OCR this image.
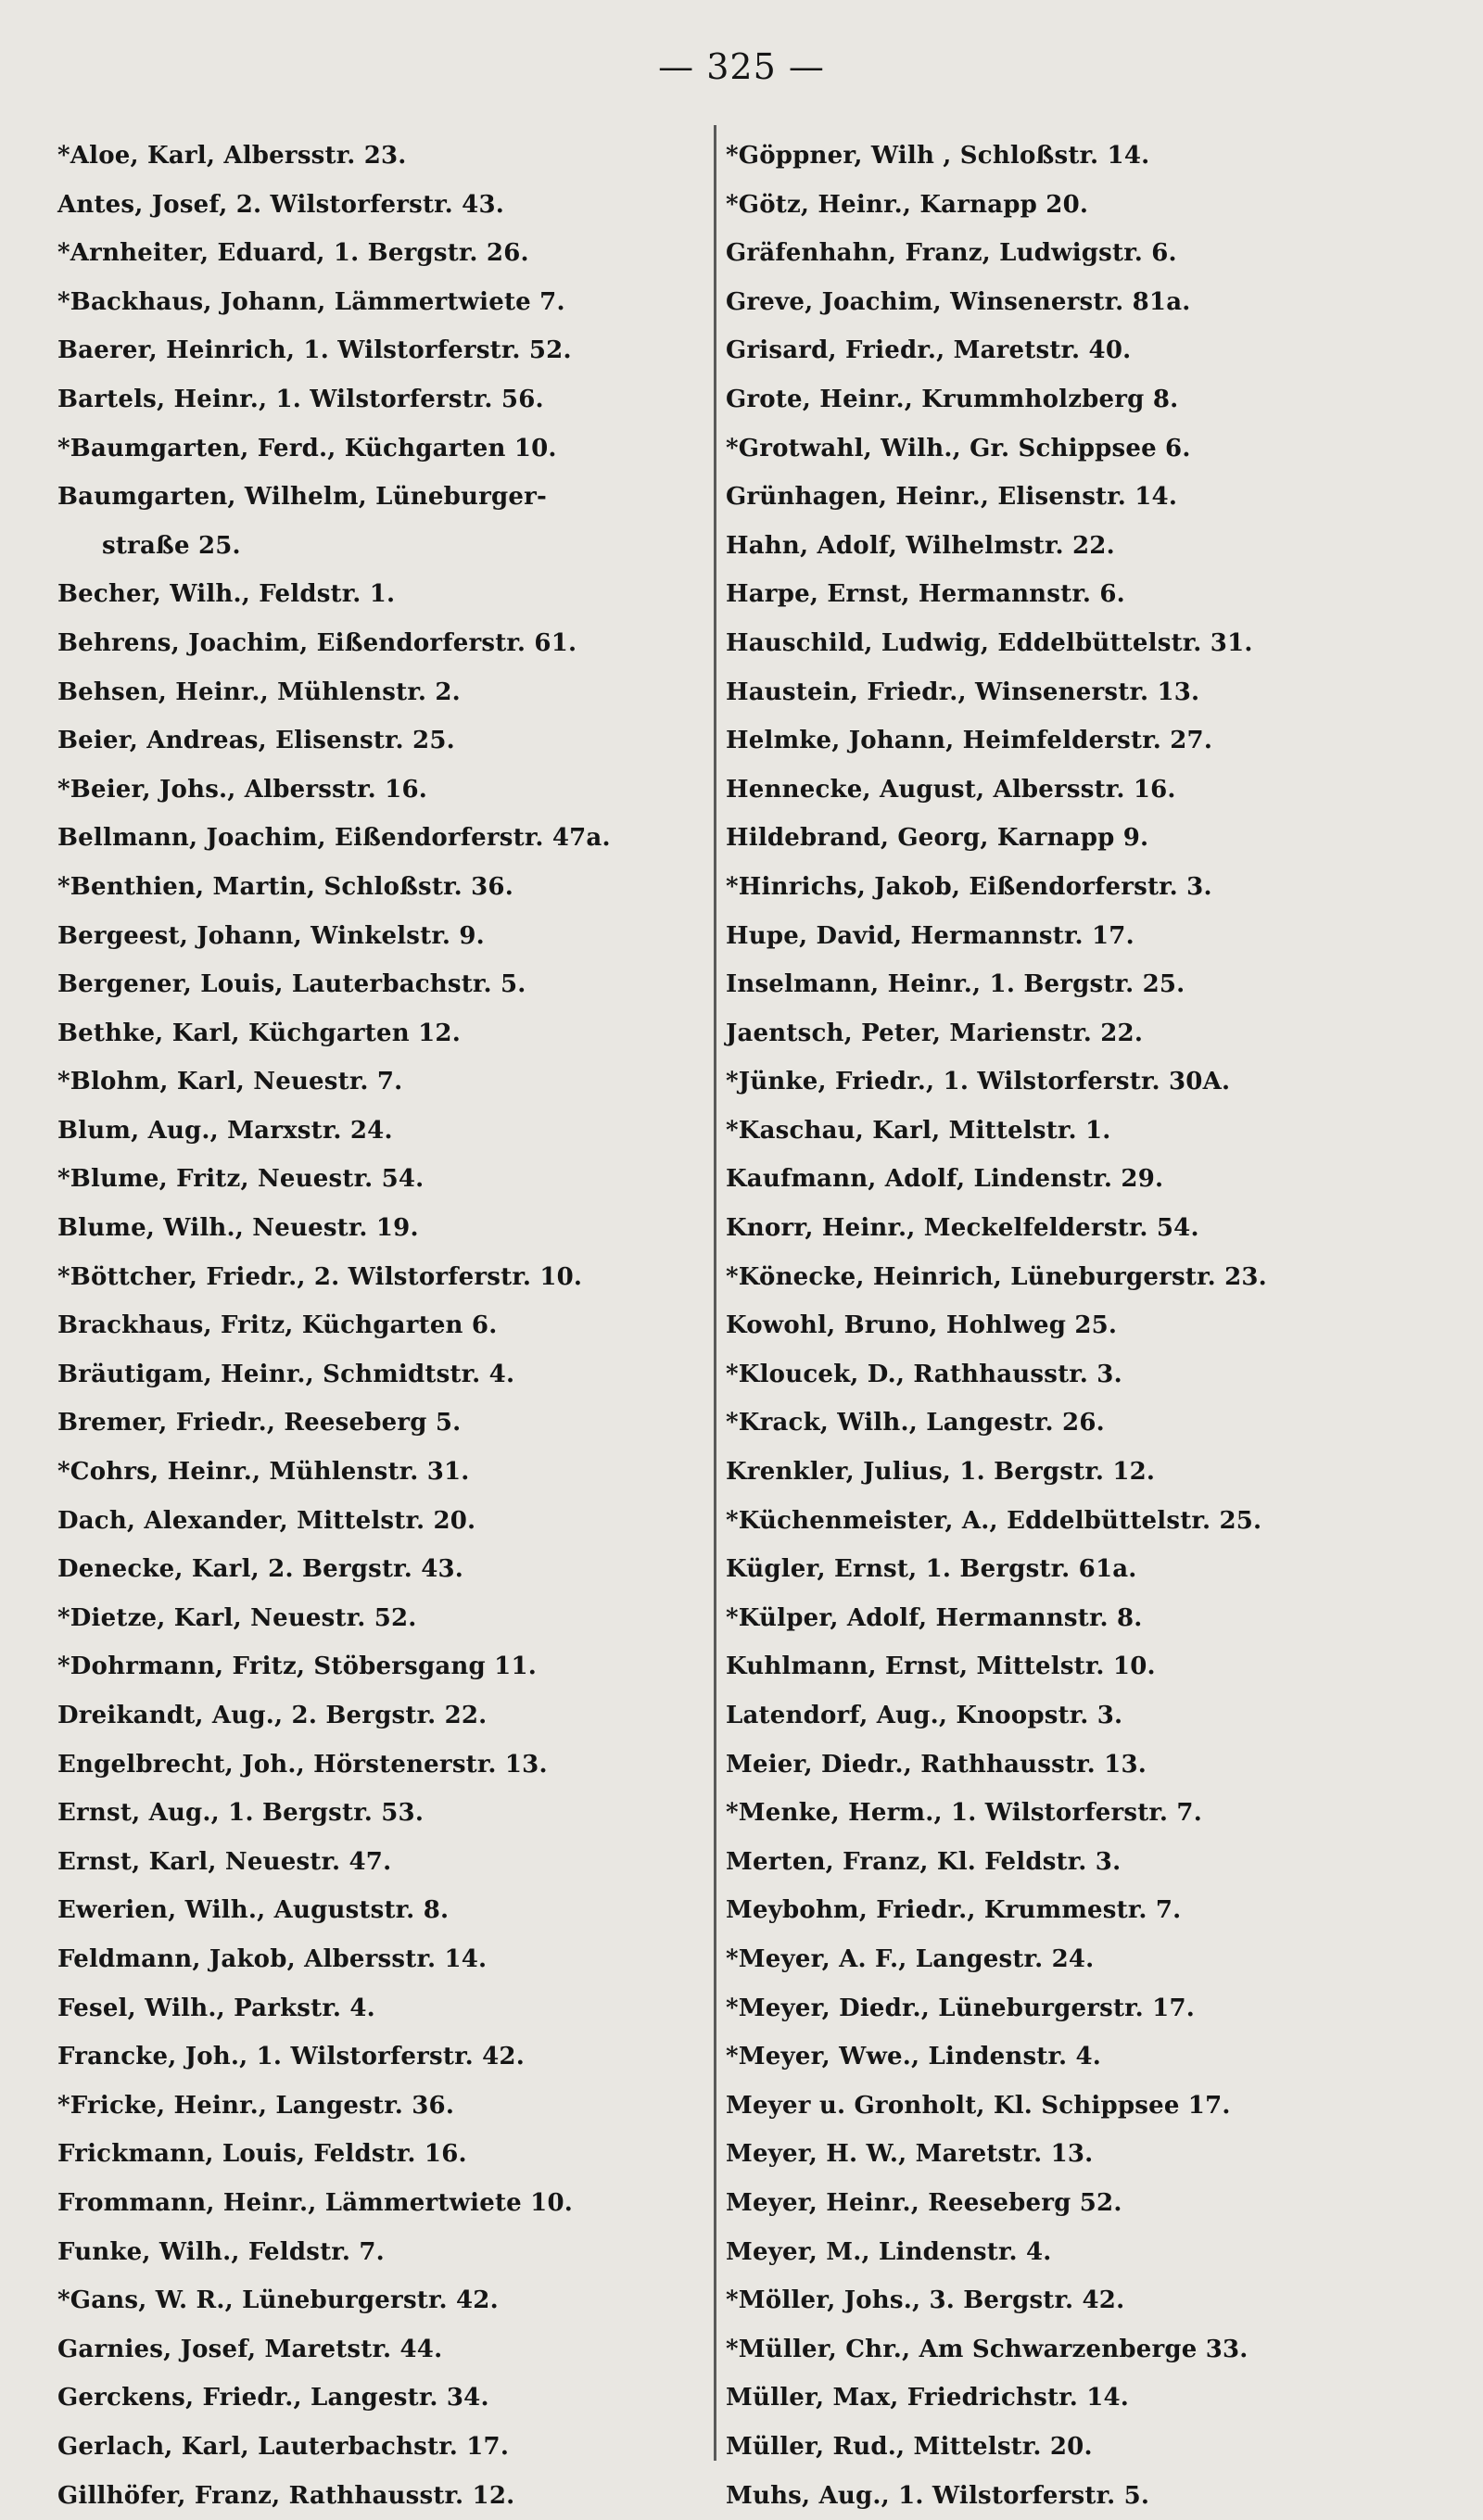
— 325 —
*Aloe, Karl, Albersstr. 23.
Antes, Josef, 2. Wilstorferstr. 43.
*Arnheiter, Eduard, 1. Bergstr. 26.
*Backhaus, Johann, Lämmertwiete 7.
Baerer, Heinrich, 1. Wilstorferstr. 52.
Bartels, Heinr., 1. Wilstorferstr. 56.
*Baumgarten, Ferd., Küchgarten 10.
Baumgarten, Wilhelm, Lüneburger-
straße 25.
Becher, Wilh., Feldstr. 1.
Behrens, Joachim, Eißendorferstr. 61.
Behsen, Heinr., Mühlenstr. 2.
Beier, Andreas, Elisenstr. 25.
*Beier, Johs., Albersstr. 16.
Bellmann, Joachim, Eißendorferstr. 47a.
*Benthien, Martin, Schloßstr. 36.
Bergeest, Johann, Winkelstr. 9.
Bergener, Louis, Lauterbachstr. 5.
Bethke, Karl, Küchgarten 12.
*Blohm, Karl, Neuestr. 7.
Blum, Aug., Marxstr. 24.
*Blume, Fritz, Neuestr. 54.
Blume, Wilh., Neuestr. 19.
*Böttcher, Friedr., 2. Wilstorferstr. 10.
Brackhaus, Fritz, Küchgarten 6.
Bräutigam, Heinr., Schmidtstr. 4.
Bremer, Friedr., Reeseberg 5.
*Cohrs, Heinr., Mühlenstr. 31.
Dach, Alexander, Mittelstr. 20.
Denecke, Karl, 2. Bergstr. 43.
*Dietze, Karl, Neuestr. 52.
*Dohrmann, Fritz, Stöbersgang 11.
Dreikandt, Aug., 2. Bergstr. 22.
Engelbrecht, Joh., Hörstenerstr. 13.
Ernst, Aug., 1. Bergstr. 53.
Ernst, Karl, Neuestr. 47.
Ewerien, Wilh., Auguststr. 8.
Feldmann, Jakob, Albersstr. 14.
Fesel, Wilh., Parkstr. 4.
Francke, Joh., 1. Wilstorferstr. 42.
*Fricke, Heinr., Langestr. 36.
Frickmann, Louis, Feldstr. 16.
Frommann, Heinr., Lämmertwiete 10.
Funke, Wilh., Feldstr. 7.
*Gans, W. R., Lüneburgerstr. 42.
Garnies, Josef, Maretstr. 44.
Gerckens, Friedr., Langestr. 34.
Gerlach, Karl, Lauterbachstr. 17.
Gillhöfer, Franz, Rathhausstr. 12.
*Göppner, Wilh , Schloßstr. 14.
*Götz, Heinr., Karnapp 20.
Gräfenhahn, Franz, Ludwigstr. 6.
Greve, Joachim, Winsenerstr. 81a.
Grisard, Friedr., Maretstr. 40.
Grote, Heinr., Krummholzberg 8.
*Grotwahl, Wilh., Gr. Schippsee 6.
Grünhagen, Heinr., Elisenstr. 14.
Hahn, Adolf, Wilhelmstr. 22.
Harpe, Ernst, Hermannstr. 6.
Hauschild, Ludwig, Eddelbüttelstr. 31.
Haustein, Friedr., Winsenerstr. 13.
Helmke, Johann, Heimfelderstr. 27.
Hennecke, August, Albersstr. 16.
Hildebrand, Georg, Karnapp 9.
*Hinrichs, Jakob, Eißendorferstr. 3.
Hupe, David, Hermannstr. 17.
Inselmann, Heinr., 1. Bergstr. 25.
Jaentsch, Peter, Marienstr. 22.
*Jünke, Friedr., 1. Wilstorferstr. 30A.
*Kaschau, Karl, Mittelstr. 1.
Kaufmann, Adolf, Lindenstr. 29.
Knorr, Heinr., Meckelfelderstr. 54.
*Könecke, Heinrich, Lüneburgerstr. 23.
Kowohl, Bruno, Hohlweg 25.
*Kloucek, D., Rathhausstr. 3.
*Krack, Wilh., Langestr. 26.
Krenkler, Julius, 1. Bergstr. 12.
*Küchenmeister, A., Eddelbüttelstr. 25.
Kügler, Ernst, 1. Bergstr. 61a.
*Külper, Adolf, Hermannstr. 8.
Kuhlmann, Ernst, Mittelstr. 10.
Latendorf, Aug., Knoopstr. 3.
Meier, Diedr., Rathhausstr. 13.
*Menke, Herm., 1. Wilstorferstr. 7.
Merten, Franz, Kl. Feldstr. 3.
Meybohm, Friedr., Krummestr. 7.
*Meyer, A. F., Langestr. 24.
*Meyer, Diedr., Lüneburgerstr. 17.
*Meyer, Wwe., Lindenstr. 4.
Meyer u. Gronholt, Kl. Schippsee 17.
Meyer, H. W., Maretstr. 13.
Meyer, Heinr., Reeseberg 52.
Meyer, M., Lindenstr. 4.
*Möller, Johs., 3. Bergstr. 42.
*Müller, Chr., Am Schwarzenberge 33.
Müller, Max, Friedrichstr. 14.
Müller, Rud., Mittelstr. 20.
Muhs, Aug., 1. Wilstorferstr. 5.
